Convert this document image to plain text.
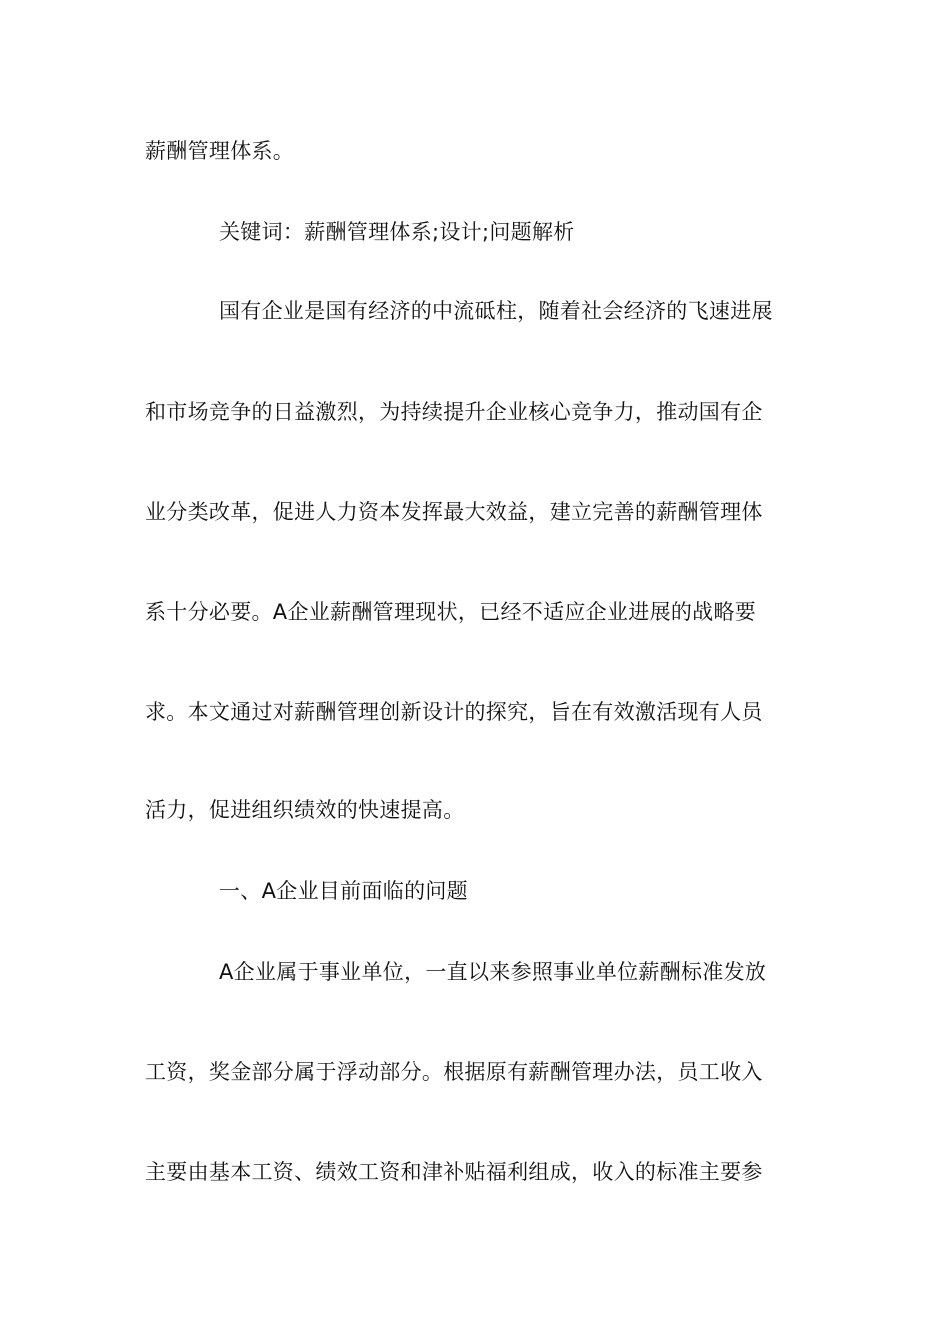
薪酬管理体系。
关键词：薪酬管理体系;设计;问题解析
国有企业是国有经济的中流砥柱，随着社会经济的飞速进展
和市场竞争的日益激烈，为持续提升企业核心竞争力，推动国有企
业分类改革，促进人力资本发挥最大效益，建立完善的薪酬管理体
系十分必要。A企业薪酬管理现状，已经不适应企业进展的战略要
求。本文通过对薪酬管理创新设计的探究，旨在有效激活现有人员
活力，促进组织绩效的快速提高。
一、A企业目前面临的问题
A企业属于事业单位，一直以来参照事业单位薪酬标准发放
工资，奖金部分属于浮动部分。根据原有薪酬管理办法，员工收入
主要由基本工资、绩效工资和津补贴福利组成，收入的标准主要参
